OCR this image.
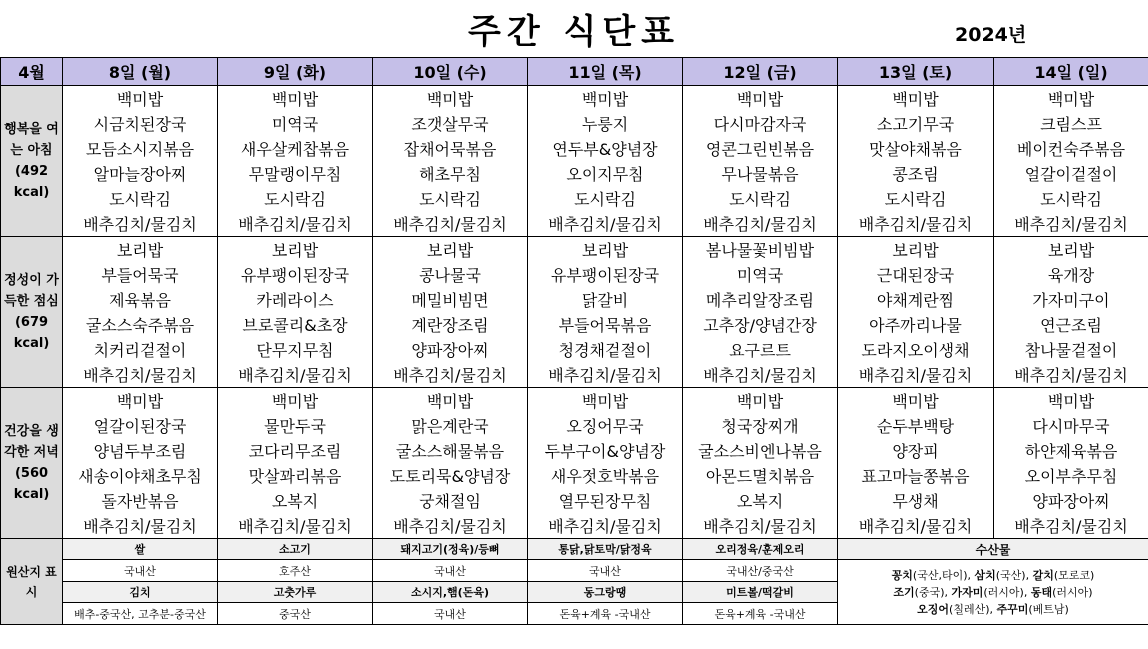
주간 식단표	2024년
4월	8일 (월)	9일 (화)	10일 (수)	11일 (목)	12일 (금)	13일 (토)	14일 (일)
행복을 여는 아침 (492 kcal)	백미밥	백미밥	백미밥	백미밥	백미밥	백미밥	백미밥
	시금치된장국	미역국	조갯살무국	누룽지	다시마감자국	소고기무국	크림스프
	모듬소시지볶음	새우살케찹볶음	잡채어묵볶음	연두부&양념장	영콘그린빈볶음	맛살야채볶음	베이컨숙주볶음
	알마늘장아찌	무말랭이무침	해초무침	오이지무침	무나물볶음	콩조림	얼갈이겉절이
	도시락김	도시락김	도시락김	도시락김	도시락김	도시락김	도시락김
	배추김치/물김치	배추김치/물김치	배추김치/물김치	배추김치/물김치	배추김치/물김치	배추김치/물김치	배추김치/물김치
정성이 가득한 점심 (679 kcal)	보리밥	보리밥	보리밥	보리밥	봄나물꽃비빔밥	보리밥	보리밥
	부들어묵국	유부팽이된장국	콩나물국	유부팽이된장국	미역국	근대된장국	육개장
	제육볶음	카레라이스	메밀비빔면	닭갈비	메추리알장조림	야채계란찜	가자미구이
	굴소스숙주볶음	브로콜리&초장	계란장조림	부들어묵볶음	고추장/양념간장	아주까리나물	연근조림
	치커리겉절이	단무지무침	양파장아찌	청경채겉절이	요구르트	도라지오이생채	참나물겉절이
	배추김치/물김치	배추김치/물김치	배추김치/물김치	배추김치/물김치	배추김치/물김치	배추김치/물김치	배추김치/물김치
건강을 생각한 저녁 (560 kcal)	백미밥	백미밥	백미밥	백미밥	백미밥	백미밥	백미밥
	얼갈이된장국	물만두국	맑은계란국	오징어무국	청국장찌개	순두부백탕	다시마무국
	양념두부조림	코다리무조림	굴소스해물볶음	두부구이&양념장	굴소스비엔나볶음	양장피	하얀제육볶음
	새송이야채초무침	맛살꽈리볶음	도토리묵&양념장	새우젓호박볶음	아몬드멸치볶음	표고마늘쫑볶음	오이부추무침
	돌자반볶음	오복지	궁채절임	열무된장무침	오복지	무생채	양파장아찌
	배추김치/물김치	배추김치/물김치	배추김치/물김치	배추김치/물김치	배추김치/물김치	배추김치/물김치	배추김치/물김치
원산지 표시	쌀	소고기	돼지고기(정육)/등뼈	통닭,닭토막/닭정육	오리정육/훈제오리	수산물	
	국내산	호주산	국내산	국내산	국내산/중국산	꽁치(국산,타이), 삼치(국산), 갈치(모로코)
조기(중국), 가자미(러시아), 동태(러시아)
오징어(칠레산), 주꾸미(베트남)	
	김치	고춧가루	소시지,햄(돈육)	동그랑땡	미트볼/떡갈비		
	배추-중국산, 고추분-중국산	중국산	국내산	돈육+계육 -국내산	돈육+계육 -국내산		
